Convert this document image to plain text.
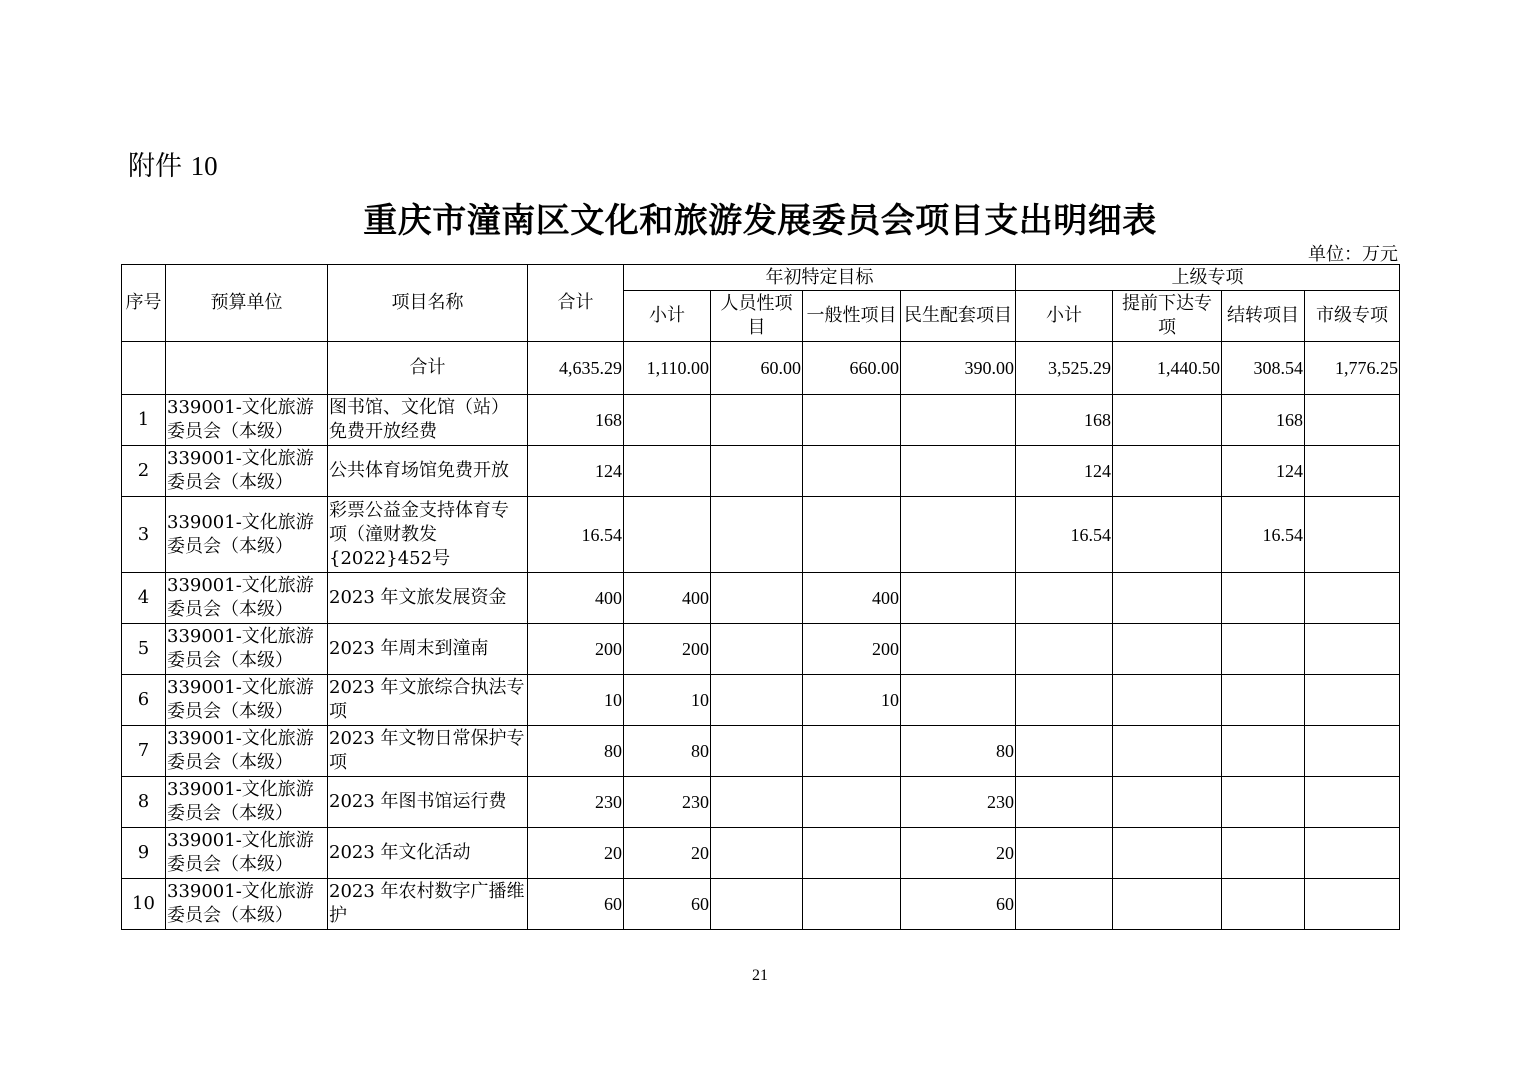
附件 10
重庆市潼南区文化和旅游发展委员会项目支出明细表
单位：万元
序号	预算单位	项目名称	合计	年初特定目标				上级专项			
				小计	人员性项目	一般性项目	民生配套项目	小计	提前下达专项	结转项目	市级专项
		合计	4,635.29	1,110.00	60.00	660.00	390.00	3,525.29	1,440.50	308.54	1,776.25
1	339001-文化旅游委员会（本级）	图书馆、文化馆（站）免费开放经费	168					168		168	
2	339001-文化旅游委员会（本级）	公共体育场馆免费开放	124					124		124	
3	339001-文化旅游委员会（本级）	彩票公益金支持体育专项（潼财教发{2022}452号	16.54					16.54		16.54	
4	339001-文化旅游委员会（本级）	2023 年文旅发展资金	400	400		400					
5	339001-文化旅游委员会（本级）	2023 年周末到潼南	200	200		200					
6	339001-文化旅游委员会（本级）	2023 年文旅综合执法专项	10	10		10					
7	339001-文化旅游委员会（本级）	2023 年文物日常保护专项	80	80			80				
8	339001-文化旅游委员会（本级）	2023 年图书馆运行费	230	230			230				
9	339001-文化旅游委员会（本级）	2023 年文化活动	20	20			20				
10	339001-文化旅游委员会（本级）	2023 年农村数字广播维护	60	60			60				
21
